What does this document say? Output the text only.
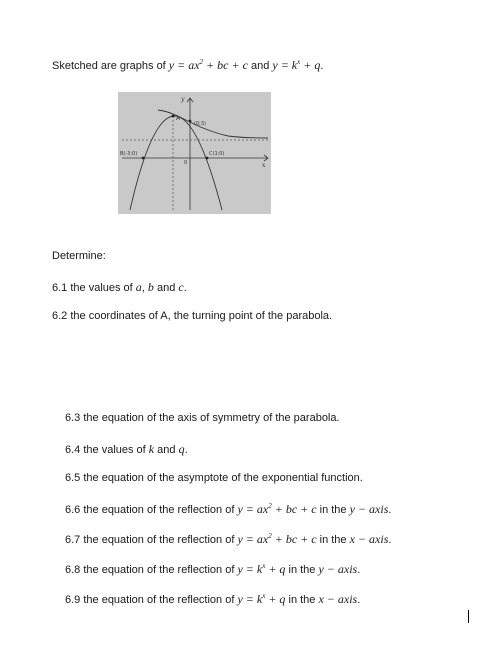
Sketched are graphs of $y = ax^2$ + bc + c and $y = k^x + q$.
y
x
A
B(-3;0)	C(1;0)
(0;3)
0
Determine:
6.1 the values of a, b and c.
6.2 the coordinates of A, the turning point of the parabola.
6.3 the equation of the axis of symmetry of the parabola.
6.4 the values of k and q.
6.5 the equation of the asymptote of the exponential function.
6.6 the equation of the reflection of $y = ax^2$ + bc + c in the y − axis.
6.7 the equation of the reflection of $y = ax^2$ + bc + c in the x − axis.
6.8 the equation of the reflection of $y = k^x + q$ in the y − axis.
6.9 the equation of the reflection of $y = k^x + q$ in the x − axis.
